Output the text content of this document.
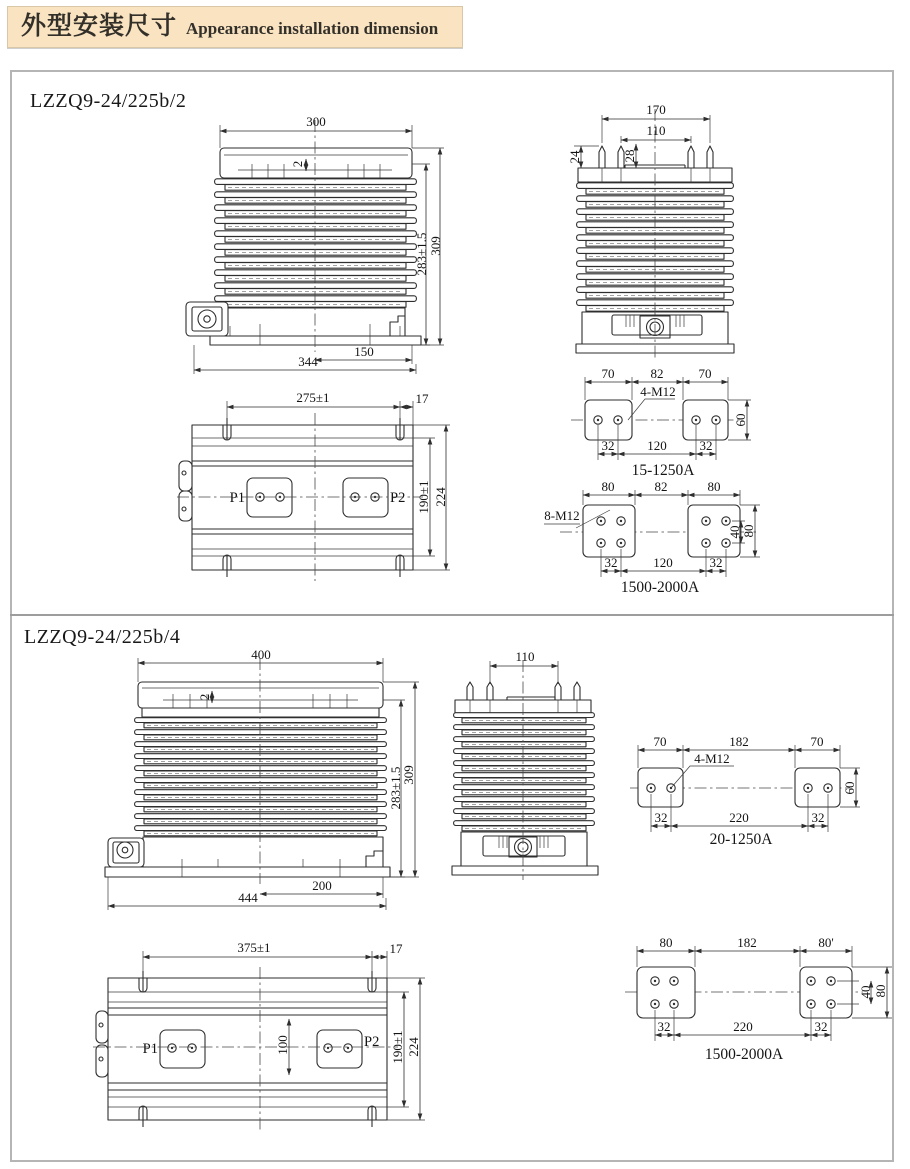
外型安装尺寸 Appearance installation dimension
LZZQ9-24/225b/2
LZZQ9-24/225b/4
300
2
283±1.5 309
150
344
170
110
24	28
70	82	70
4-M12
60
32	120	32
15-1250A
80	82	80
8-M12
40 80
32	120	32
1500-2000A
P1	P2
275±1	17
190±1 224
400
2
283±1.5
309
200
444
110
70	182	70
4-M12
60
32	220	32
20-1250A
P1	P2
375±1	17
100	190±1 224
80	182	80'
40 80
32	220	32
1500-2000A
